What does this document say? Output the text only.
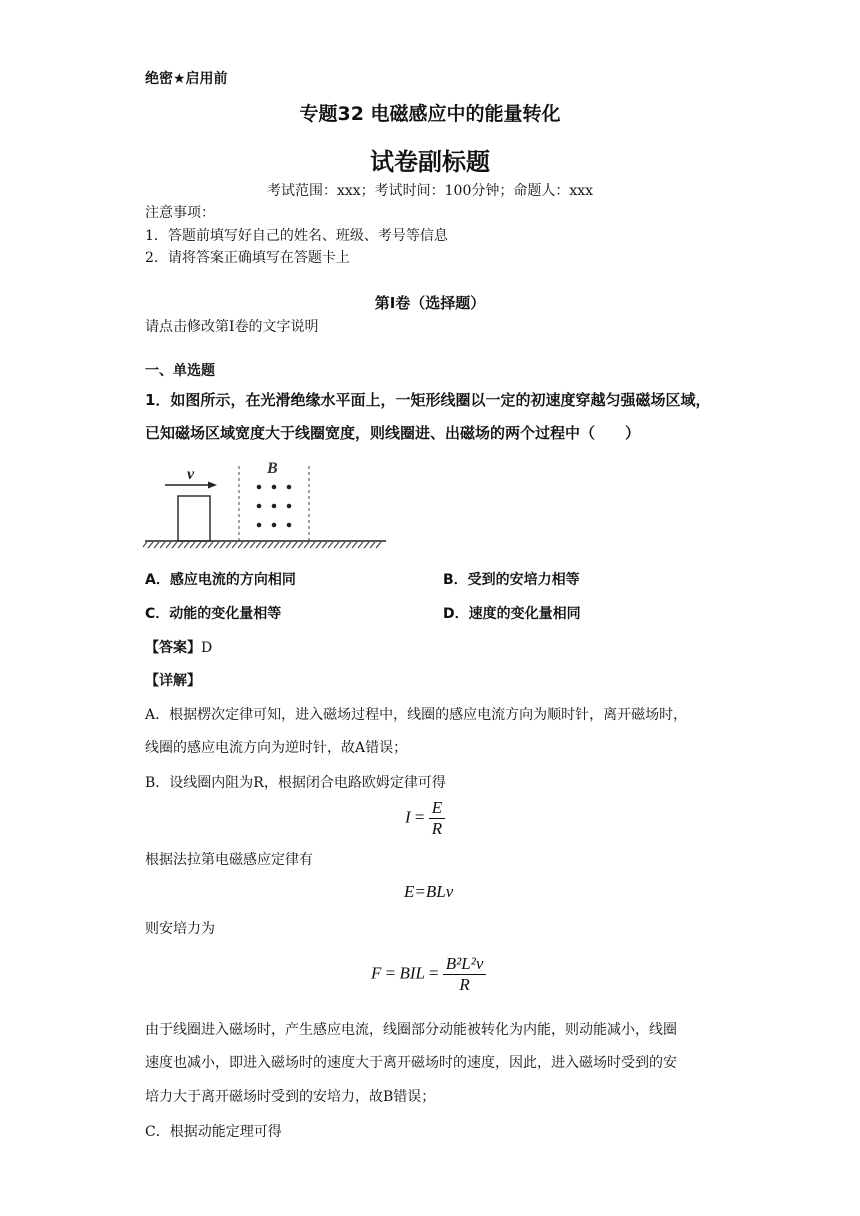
绝密★启用前
专题32 电磁感应中的能量转化
试卷副标题
考试范围：xxx；考试时间：100分钟；命题人：xxx
注意事项：
1．答题前填写好自己的姓名、班级、考号等信息
2．请将答案正确填写在答题卡上
第I卷（选择题）
请点击修改第I卷的文字说明
一、单选题
1．如图所示，在光滑绝缘水平面上，一矩形线圈以一定的初速度穿越匀强磁场区域，
已知磁场区域宽度大于线圈宽度，则线圈进、出磁场的两个过程中（　　）
v	B
A．感应电流的方向相同	B．受到的安培力相等
C．动能的变化量相等	D．速度的变化量相同
【答案】D
【详解】
A．根据楞次定律可知，进入磁场过程中，线圈的感应电流方向为顺时针，离开磁场时，
线圈的感应电流方向为逆时针，故A错误；
B．设线圈内阻为R，根据闭合电路欧姆定律可得
$I = \frac{E}{R}$
根据法拉第电磁感应定律有
E=BLv
则安培力为
F = BIL = $\frac{\text{B²L²v}}{R}$
由于线圈进入磁场时，产生感应电流，线圈部分动能被转化为内能，则动能减小，线圈
速度也减小，即进入磁场时的速度大于离开磁场时的速度，因此，进入磁场时受到的安
培力大于离开磁场时受到的安培力，故B错误；
C．根据动能定理可得
